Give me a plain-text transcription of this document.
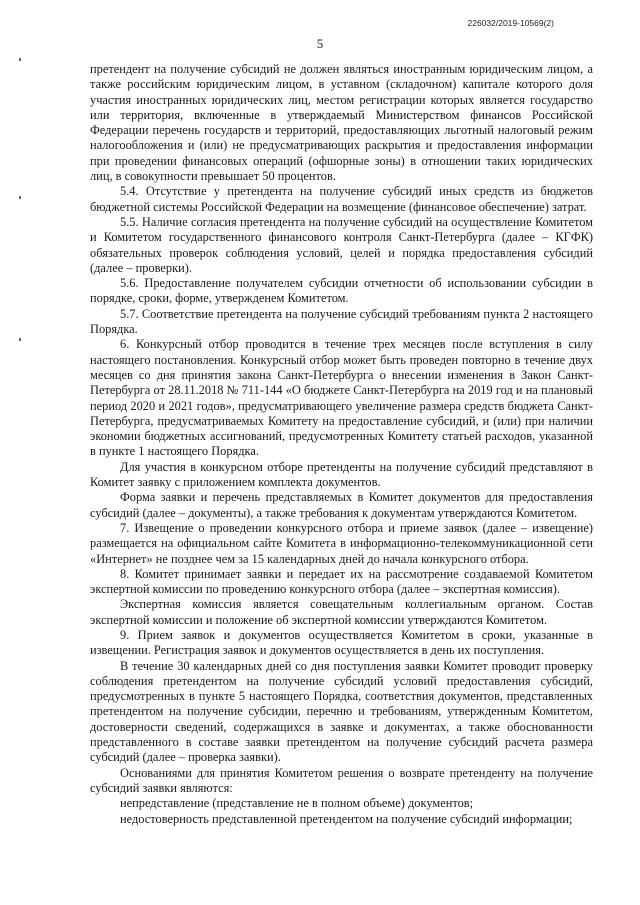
226032/2019-10569(2)
5

претендент на получение субсидий не должен являться иностранным юридическим лицом, а также российским юридическим лицом, в уставном (складочном) капитале которого доля участия иностранных юридических лиц, местом регистрации которых является государство или территория, включенные в утверждаемый Министерством финансов Российской Федерации перечень государств и территорий, предоставляющих льготный налоговый режим налогообложения и (или) не предусматривающих раскрытия и предоставления информации при проведении финансовых операций (офшорные зоны) в отношении таких юридических лиц, в совокупности превышает 50 процентов.

5.4. Отсутствие у претендента на получение субсидий иных средств из бюджетов бюджетной системы Российской Федерации на возмещение (финансовое обеспечение) затрат.

5.5. Наличие согласия претендента на получение субсидий на осуществление Комитетом и Комитетом государственного финансового контроля Санкт-Петербурга (далее – КГФК) обязательных проверок соблюдения условий, целей и порядка предоставления субсидий (далее – проверки).

5.6. Предоставление получателем субсидии отчетности об использовании субсидии в порядке, сроки, форме, утвержденем Комитетом.

5.7. Соответствие претендента на получение субсидий требованиям пункта 2 настоящего Порядка.

6. Конкурсный отбор проводится в течение трех месяцев после вступления в силу настоящего постановления. Конкурсный отбор может быть проведен повторно в течение двух месяцев со дня принятия закона Санкт-Петербурга о внесении изменения в Закон Санкт-Петербурга от 28.11.2018 № 711-144 «О бюджете Санкт-Петербурга на 2019 год и на плановый период 2020 и 2021 годов», предусматривающего увеличение размера средств бюджета Санкт-Петербурга, предусматриваемых Комитету на предоставление субсидий, и (или) при наличии экономии бюджетных ассигнований, предусмотренных Комитету статьей расходов, указанной в пункте 1 настоящего Порядка.

Для участия в конкурсном отборе претенденты на получение субсидий представляют в Комитет заявку с приложением комплекта документов.

Форма заявки и перечень представляемых в Комитет документов для предоставления субсидий (далее – документы), а также требования к документам утверждаются Комитетом.

7. Извещение о проведении конкурсного отбора и приеме заявок (далее – извещение) размещается на официальном сайте Комитета в информационно-телекоммуникационной сети «Интернет» не позднее чем за 15 календарных дней до начала конкурсного отбора.

8. Комитет принимает заявки и передает их на рассмотрение создаваемой Комитетом экспертной комиссии по проведению конкурсного отбора (далее – экспертная комиссия).

Экспертная комиссия является совещательным коллегиальным органом. Состав экспертной комиссии и положение об экспертной комиссии утверждаются Комитетом.

9. Прием заявок и документов осуществляется Комитетом в сроки, указанные в извещении. Регистрация заявок и документов осуществляется в день их поступления.

В течение 30 календарных дней со дня поступления заявки Комитет проводит проверку соблюдения претендентом на получение субсидий условий предоставления субсидий, предусмотренных в пункте 5 настоящего Порядка, соответствия документов, представленных претендентом на получение субсидии, перечню и требованиям, утвержденным Комитетом, достоверности сведений, содержащихся в заявке и документах, а также обоснованности представленного в составе заявки претендентом на получение субсидий расчета размера субсидий (далее – проверка заявки).

Основаниями для принятия Комитетом решения о возврате претенденту на получение субсидий заявки являются:

непредставление (представление не в полном объеме) документов;

недостоверность представленной претендентом на получение субсидий информации;
